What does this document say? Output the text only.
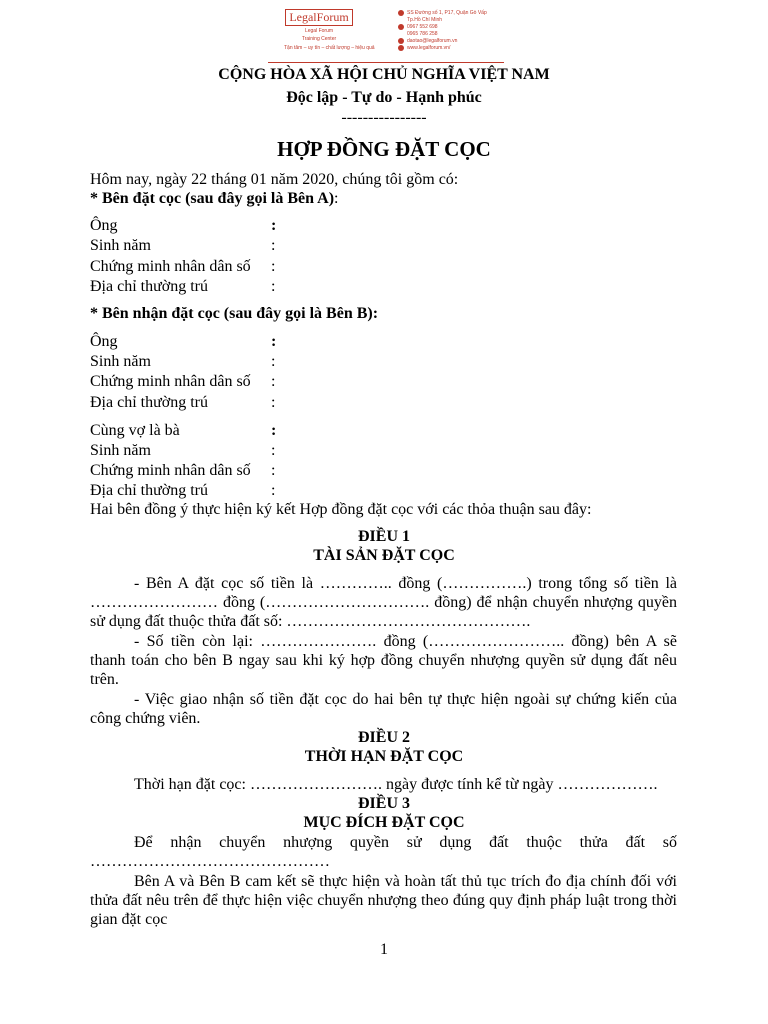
LegalForum
Legal Forum
Training Center
Tận tâm – uy tín – chất lượng – hiệu quả
SS Đường số 1, P17, Quận Gò Vấp
Tp.Hồ Chí Minh
0967 552 698
0965 786 258
daotao@legalforum.vn
www.legalforum.vn/
CỘNG HÒA XÃ HỘI CHỦ NGHĨA VIỆT NAM
Độc lập - Tự do - Hạnh phúc
----------------
HỢP ĐỒNG ĐẶT CỌC
Hôm nay, ngày 22 tháng 01 năm 2020, chúng tôi gồm có:
* Bên đặt cọc (sau đây gọi là Bên A):
Ông	:
Sinh năm	:
Chứng minh nhân dân số :
Địa chỉ thường trú	:
* Bên nhận đặt cọc (sau đây gọi là Bên B):
Ông	:
Sinh năm	:
Chứng minh nhân dân số :
Địa chỉ thường trú	:
Cùng vợ là bà	:
Sinh năm	:
Chứng minh nhân dân số :
Địa chỉ thường trú	:
Hai bên đồng ý thực hiện ký kết Hợp đồng đặt cọc với các thỏa thuận sau đây:
ĐIỀU 1
TÀI SẢN ĐẶT CỌC
- Bên A đặt cọc số tiền là ………….. đồng (…………….) trong tổng số tiền là …………………… đồng (…………………………. đồng) để nhận chuyển nhượng quyền sử dụng đất thuộc thửa đất số: ……………………………………….
- Số tiền còn lại: …………………. đồng (…………………….. đồng) bên A sẽ thanh toán cho bên B ngay sau khi ký hợp đồng chuyển nhượng quyền sử dụng đất nêu trên.
- Việc giao nhận số tiền đặt cọc do hai bên tự thực hiện ngoài sự chứng kiến của công chứng viên.
ĐIỀU 2
THỜI HẠN ĐẶT CỌC
Thời hạn đặt cọc: ……………………. ngày được tính kể từ ngày ……………….
ĐIỀU 3
MỤC ĐÍCH ĐẶT CỌC
Để nhận chuyển nhượng quyền sử dụng đất thuộc thửa đất số ………………………………………
Bên A và Bên B cam kết sẽ thực hiện và hoàn tất thủ tục trích đo địa chính đối với thửa đất nêu trên để thực hiện việc chuyển nhượng theo đúng quy định pháp luật trong thời gian đặt cọc
1
